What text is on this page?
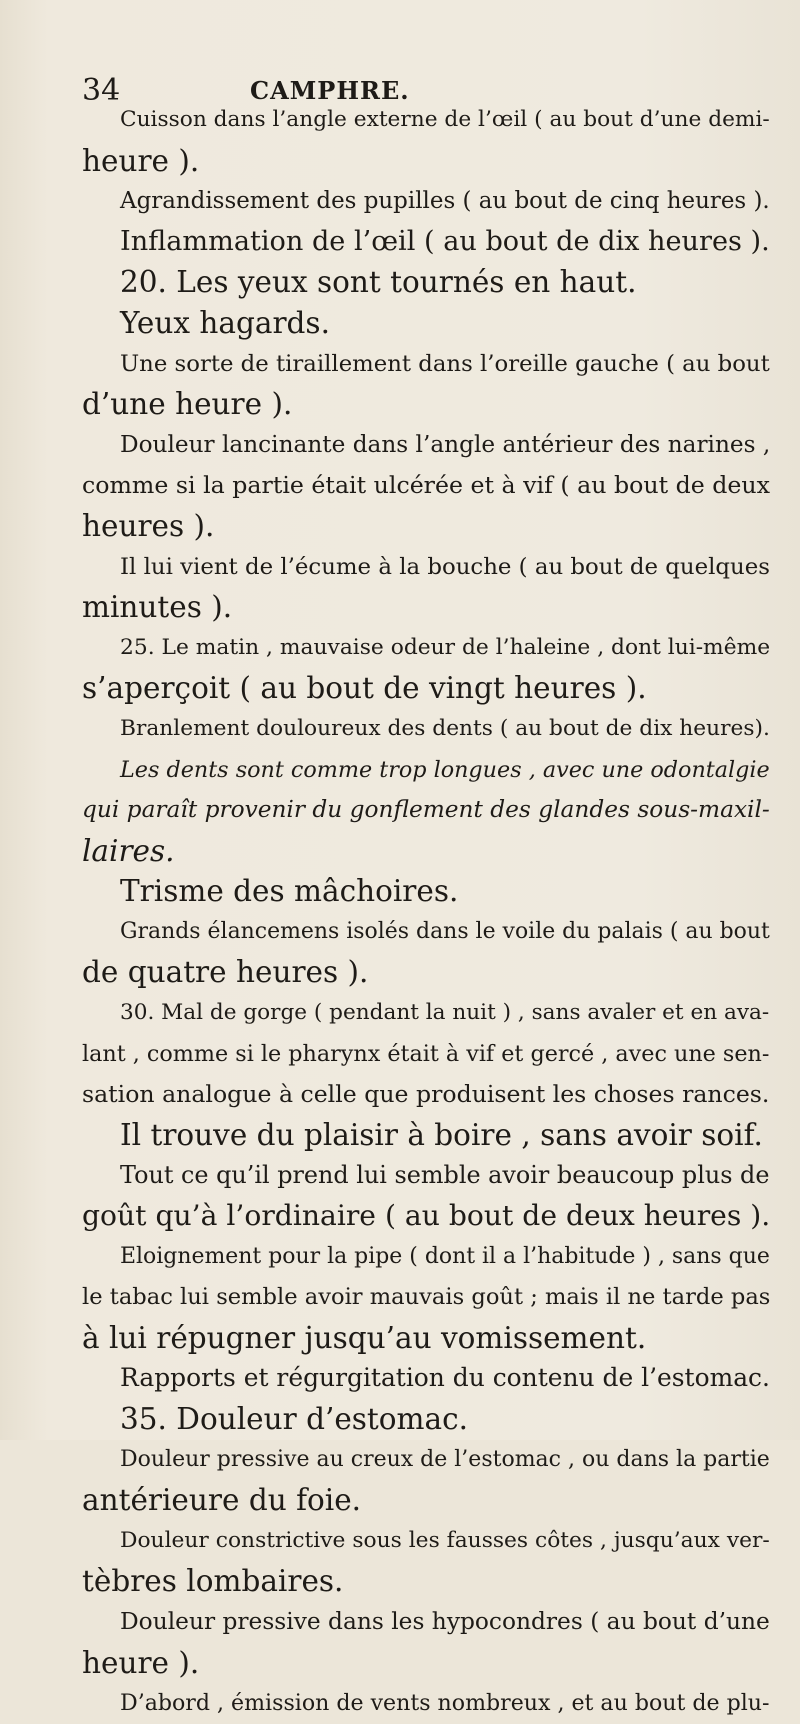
34	CAMPHRE.
Cuisson dans l’angle externe de l’œil ( au bout d’une demi-
heure ).
Agrandissement des pupilles ( au bout de cinq heures ).
Inflammation de l’œil ( au bout de dix heures ).
20. Les yeux sont tournés en haut.
Yeux hagards.
Une sorte de tiraillement dans l’oreille gauche ( au bout
d’une heure ).
Douleur lancinante dans l’angle antérieur des narines ,
comme si la partie était ulcérée et à vif ( au bout de deux
heures ).
Il lui vient de l’écume à la bouche ( au bout de quelques
minutes ).
25. Le matin , mauvaise odeur de l’haleine , dont lui-même
s’aperçoit ( au bout de vingt heures ).
Branlement douloureux des dents ( au bout de dix heures).
Les dents sont comme trop longues , avec une odontalgie
qui paraît provenir du gonflement des glandes sous-maxil-
laires.
Trisme des mâchoires.
Grands élancemens isolés dans le voile du palais ( au bout
de quatre heures ).
30. Mal de gorge ( pendant la nuit ) , sans avaler et en ava-
lant , comme si le pharynx était à vif et gercé , avec une sen-
sation analogue à celle que produisent les choses rances.
Il trouve du plaisir à boire , sans avoir soif.
Tout ce qu’il prend lui semble avoir beaucoup plus de
goût qu’à l’ordinaire ( au bout de deux heures ).
Eloignement pour la pipe ( dont il a l’habitude ) , sans que
le tabac lui semble avoir mauvais goût ; mais il ne tarde pas
à lui répugner jusqu’au vomissement.
Rapports et régurgitation du contenu de l’estomac.
35. Douleur d’estomac.
Douleur pressive au creux de l’estomac , ou dans la partie
antérieure du foie.
Douleur constrictive sous les fausses côtes , jusqu’aux ver-
tèbres lombaires.
Douleur pressive dans les hypocondres ( au bout d’une
heure ).
D’abord , émission de vents nombreux , et au bout de plu-
